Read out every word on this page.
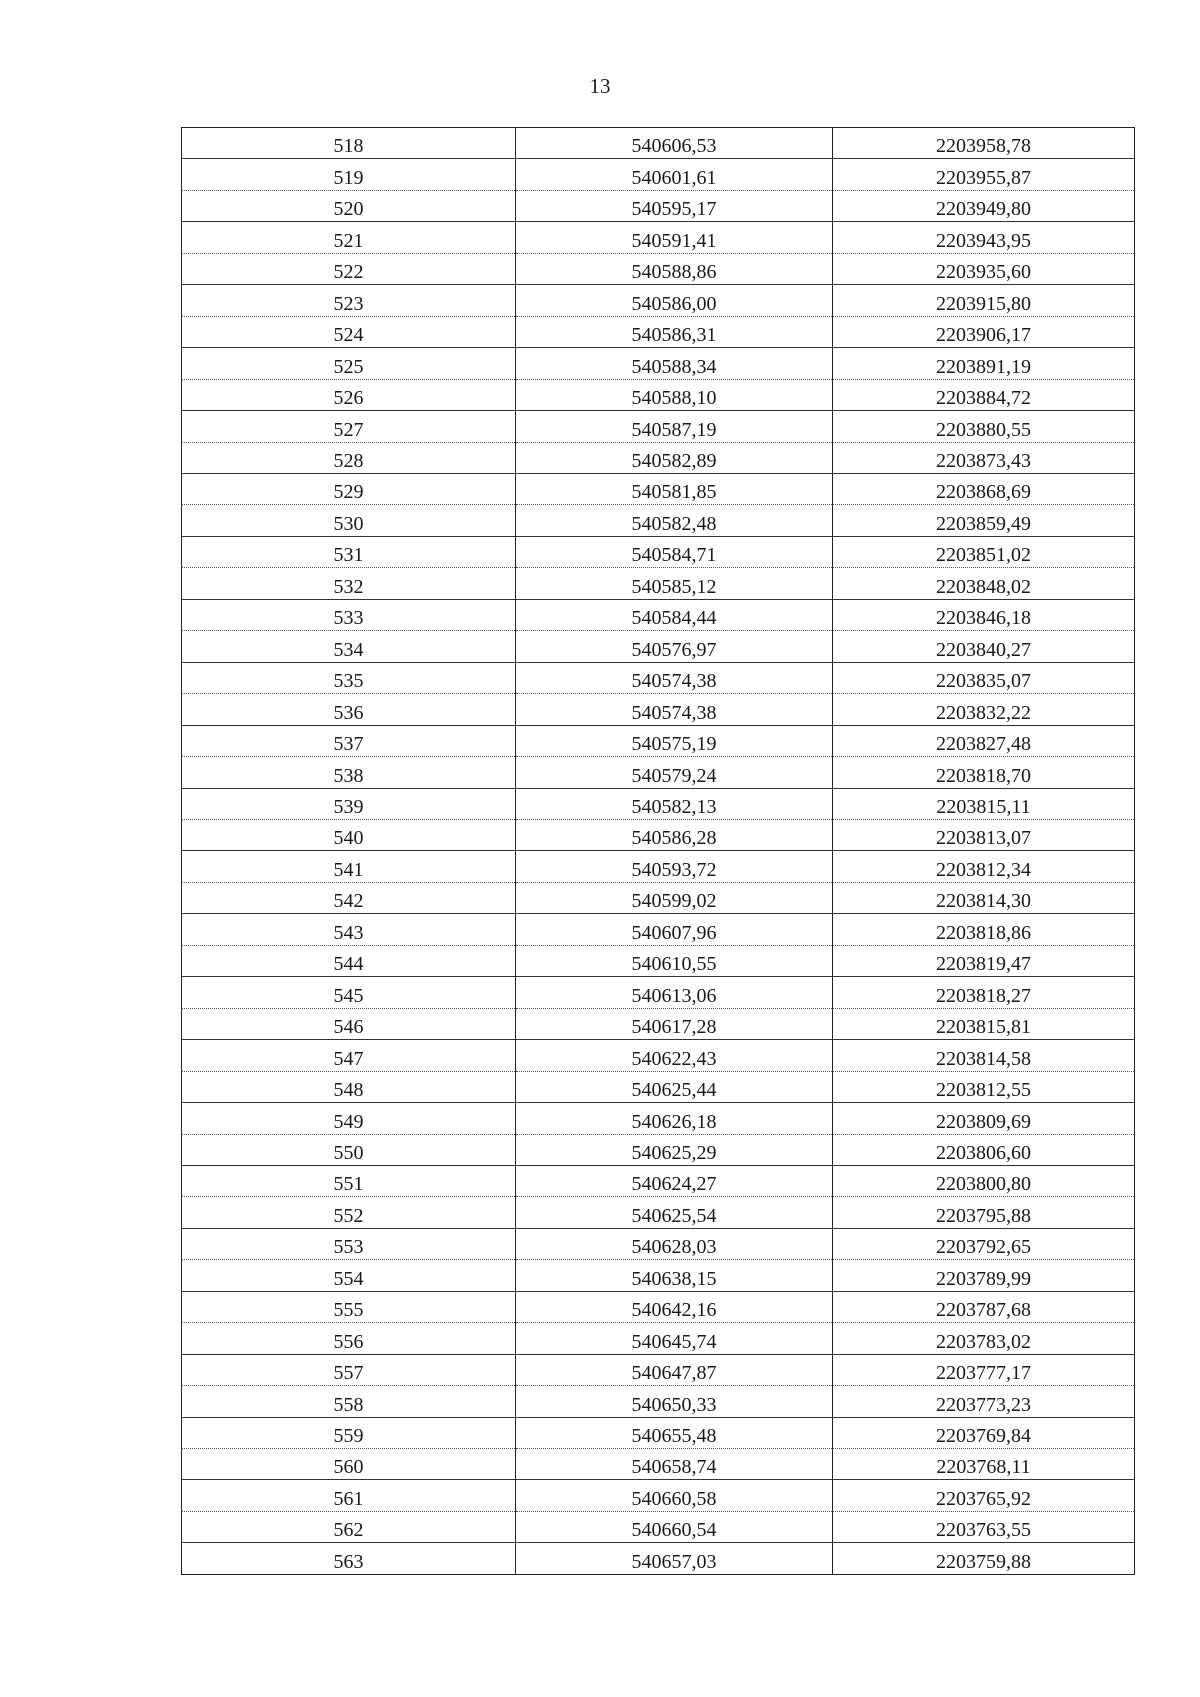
13
518	540606,53	2203958,78
519	540601,61	2203955,87
520	540595,17	2203949,80
521	540591,41	2203943,95
522	540588,86	2203935,60
523	540586,00	2203915,80
524	540586,31	2203906,17
525	540588,34	2203891,19
526	540588,10	2203884,72
527	540587,19	2203880,55
528	540582,89	2203873,43
529	540581,85	2203868,69
530	540582,48	2203859,49
531	540584,71	2203851,02
532	540585,12	2203848,02
533	540584,44	2203846,18
534	540576,97	2203840,27
535	540574,38	2203835,07
536	540574,38	2203832,22
537	540575,19	2203827,48
538	540579,24	2203818,70
539	540582,13	2203815,11
540	540586,28	2203813,07
541	540593,72	2203812,34
542	540599,02	2203814,30
543	540607,96	2203818,86
544	540610,55	2203819,47
545	540613,06	2203818,27
546	540617,28	2203815,81
547	540622,43	2203814,58
548	540625,44	2203812,55
549	540626,18	2203809,69
550	540625,29	2203806,60
551	540624,27	2203800,80
552	540625,54	2203795,88
553	540628,03	2203792,65
554	540638,15	2203789,99
555	540642,16	2203787,68
556	540645,74	2203783,02
557	540647,87	2203777,17
558	540650,33	2203773,23
559	540655,48	2203769,84
560	540658,74	2203768,11
561	540660,58	2203765,92
562	540660,54	2203763,55
563	540657,03	2203759,88
